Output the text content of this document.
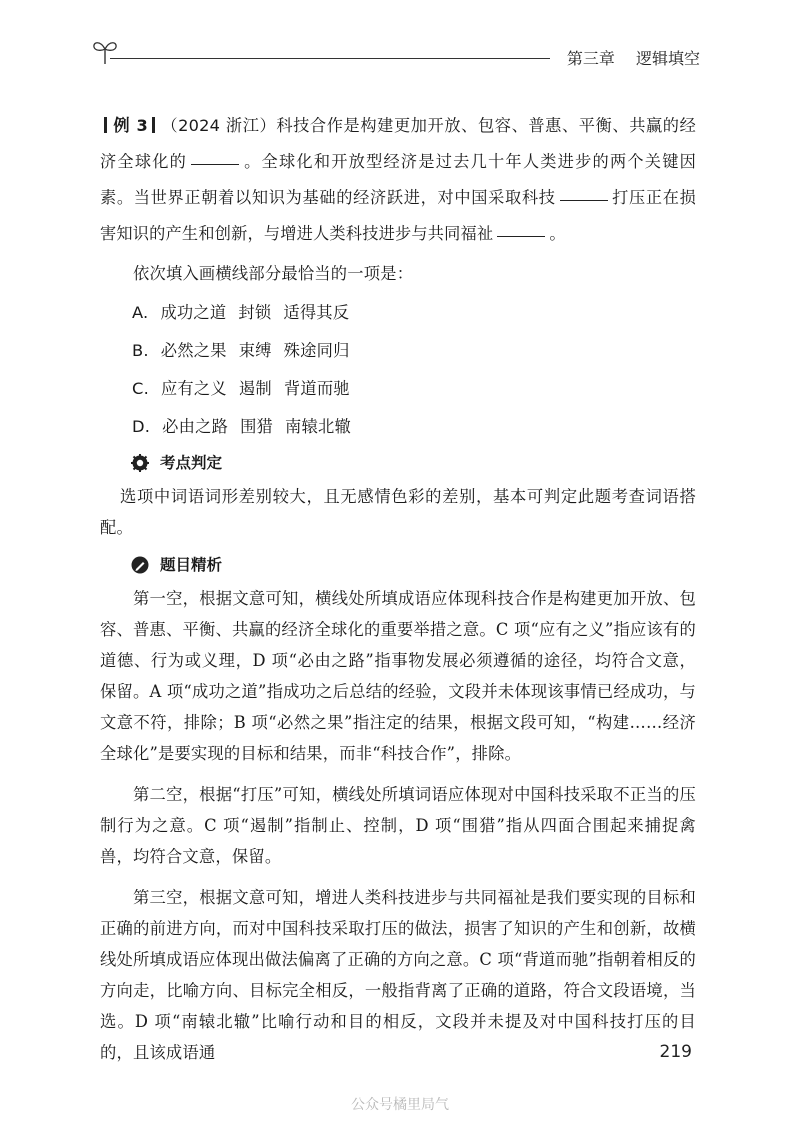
第三章 逻辑填空

例 3 （2024 浙江）科技合作是构建更加开放、包容、普惠、平衡、共赢的经济全球化的	。全球化和开放型经济是过去几十年人类进步的两个关键因素。当世界正朝着以知识为基础的经济跃进，对中国采取科技	打压正在损害知识的产生和创新，与增进人类科技进步与共同福祉	。

依次填入画横线部分最恰当的一项是：

A. 成功之道 封锁 适得其反
B. 必然之果 束缚 殊途同归
C. 应有之义 遏制 背道而驰
D. 必由之路 围猎 南辕北辙
考点判定

选项中词语词形差别较大，且无感情色彩的差别，基本可判定此题考查词语搭配。

题目精析

第一空，根据文意可知，横线处所填成语应体现科技合作是构建更加开放、包容、普惠、平衡、共赢的经济全球化的重要举措之意。C 项“应有之义”指应该有的道德、行为或义理，D 项“必由之路”指事物发展必须遵循的途径，均符合文意，保留。A 项“成功之道”指成功之后总结的经验，文段并未体现该事情已经成功，与文意不符，排除；B 项“必然之果”指注定的结果，根据文段可知，“构建……经济全球化”是要实现的目标和结果，而非“科技合作”，排除。

第二空，根据“打压”可知，横线处所填词语应体现对中国科技采取不正当的压制行为之意。C 项“遏制”指制止、控制，D 项“围猎”指从四面合围起来捕捉禽兽，均符合文意，保留。

第三空，根据文意可知，增进人类科技进步与共同福祉是我们要实现的目标和正确的前进方向，而对中国科技采取打压的做法，损害了知识的产生和创新，故横线处所填成语应体现出做法偏离了正确的方向之意。C 项“背道而驰”指朝着相反的方向走，比喻方向、目标完全相反，一般指背离了正确的道路，符合文段语境，当选。D 项“南辕北辙”比喻行动和目的相反，文段并未提及对中国科技打压的目的，且该成语通	219
公众号橘里局气
